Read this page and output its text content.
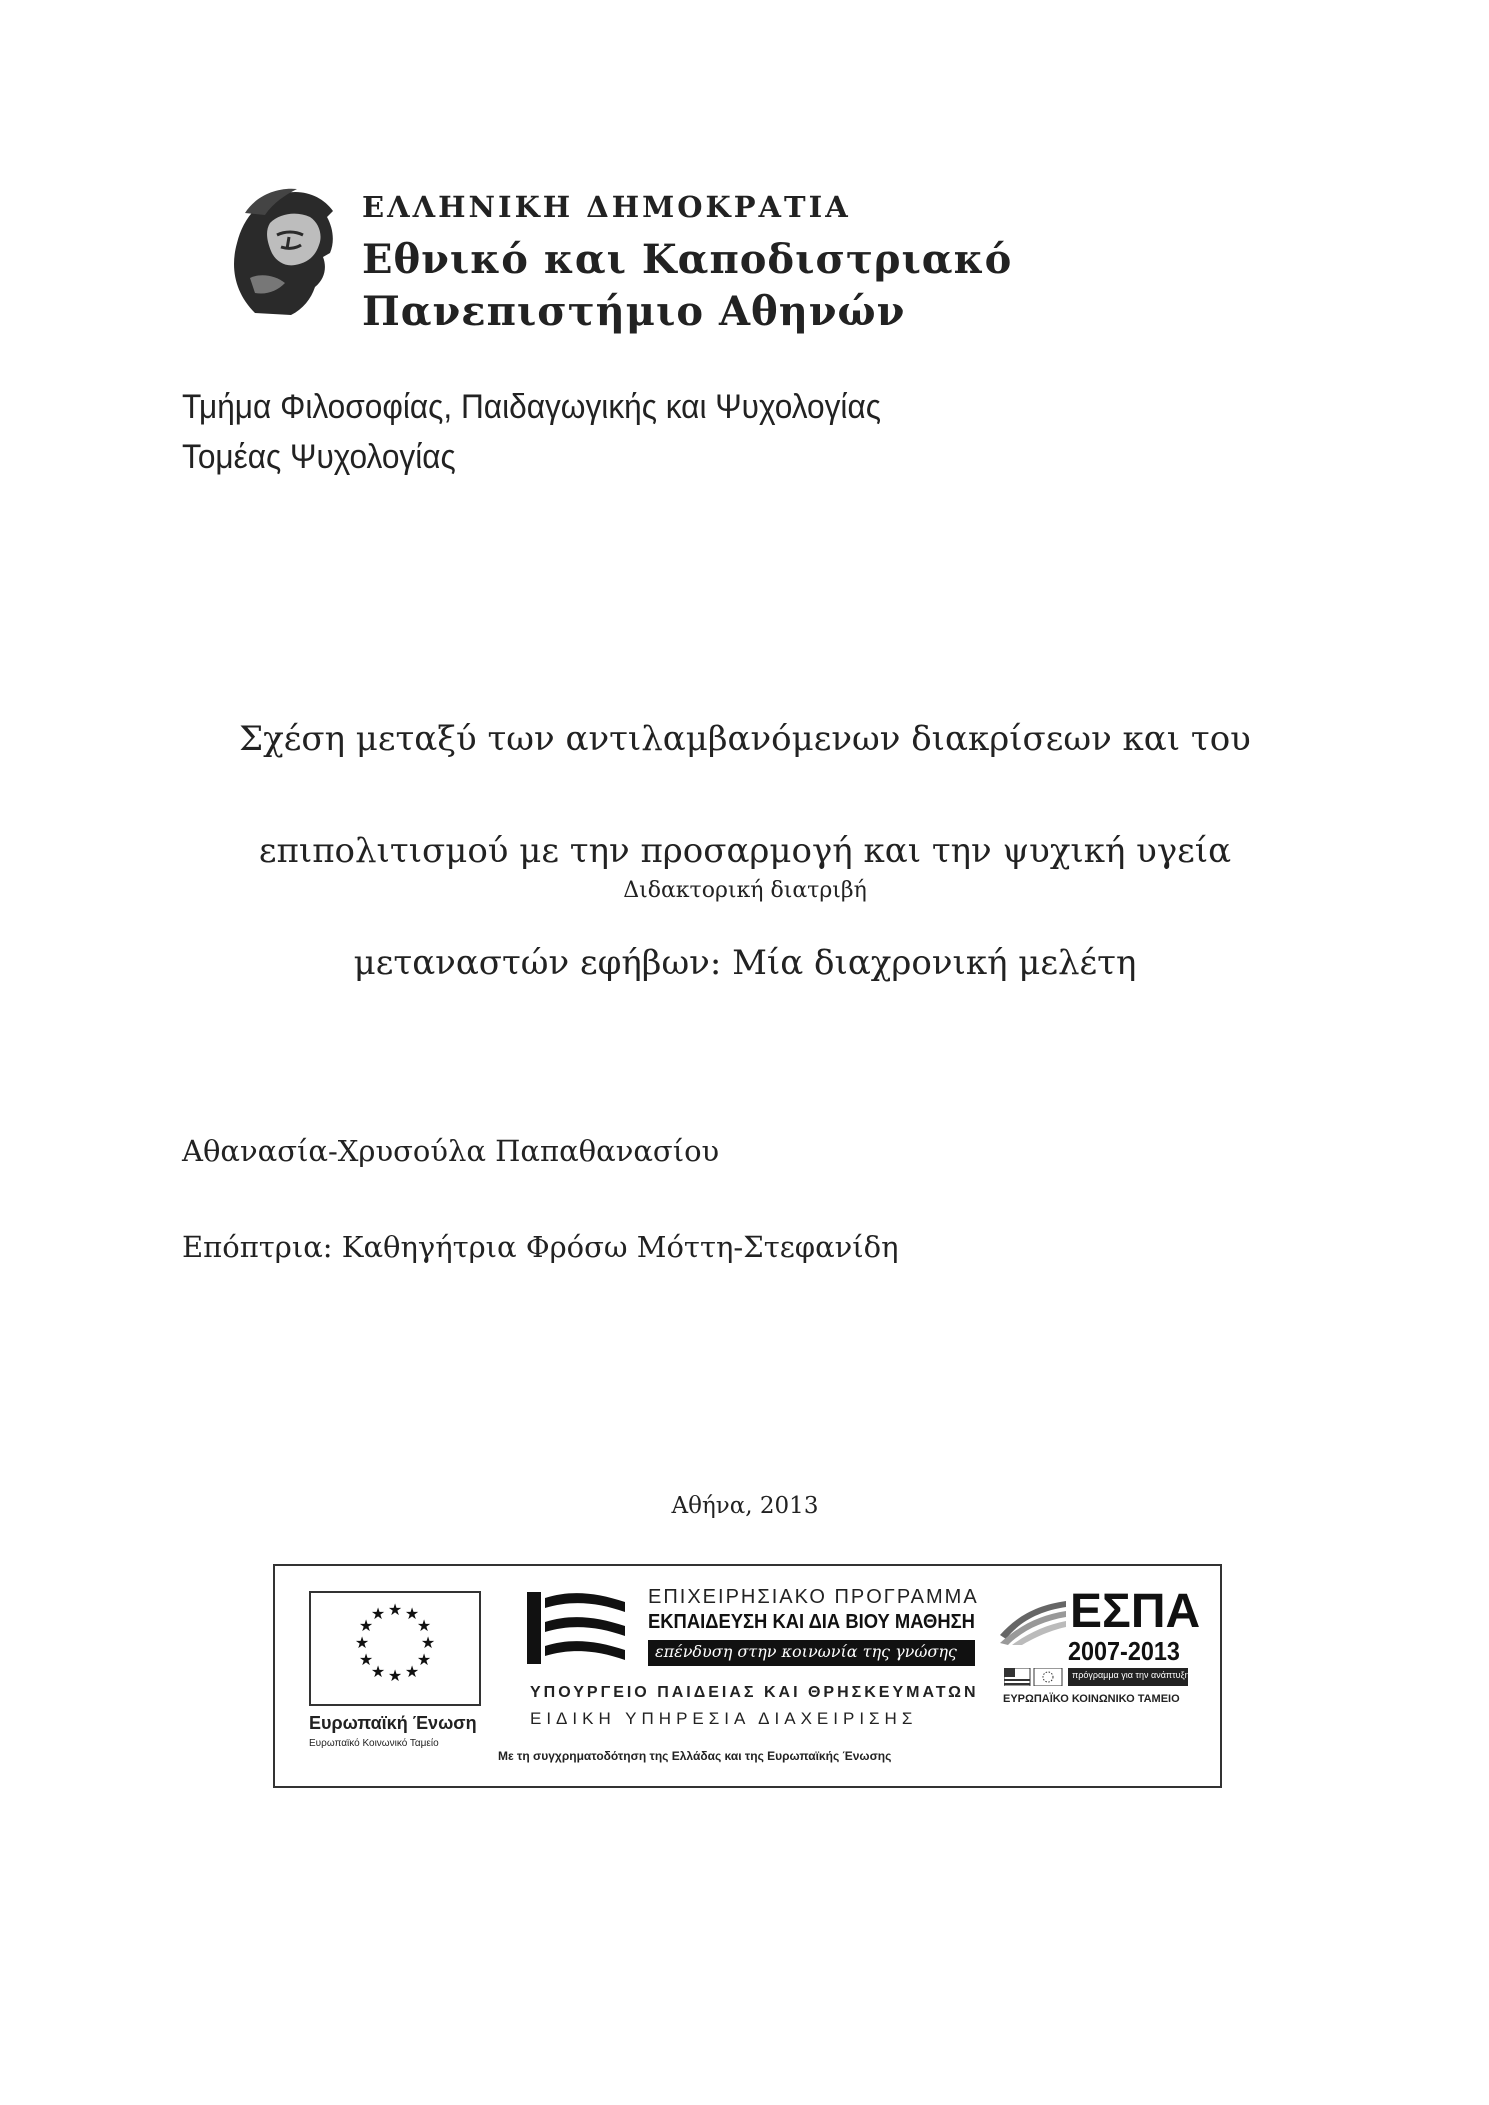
ΕΛΛΗΝΙΚΗ ΔΗΜΟΚΡΑΤΙΑ
Εθνικό και Καποδιστριακό
Πανεπιστήμιο Αθηνών
Τμήμα Φιλοσοφίας, Παιδαγωγικής και Ψυχολογίας
Τομέας Ψυχολογίας

Σχέση μεταξύ των αντιλαμβανόμενων διακρίσεων και του

επιπολιτισμού με την προσαρμογή και την ψυχική υγεία

μεταναστών εφήβων: Μία διαχρονική μελέτη

Διδακτορική διατριβή
Αθανασία-Χρυσούλα Παπαθανασίου
Επόπτρια: Καθηγήτρια Φρόσω Μόττη-Στεφανίδη
Αθήνα, 2013
★ ★
★
★
★
★
★
★
★
★
★
★
Ευρωπαϊκή Ένωση
Ευρωπαϊκό Κοινωνικό Ταμείο
ΕΠΙΧΕΙΡΗΣΙΑΚΟ ΠΡΟΓΡΑΜΜΑ
ΕΚΠΑΙΔΕΥΣΗ ΚΑΙ ΔΙΑ ΒΙΟΥ ΜΑΘΗΣΗ
επένδυση στην κοινωνία της γνώσης
ΥΠΟΥΡΓΕΙΟ ΠΑΙΔΕΙΑΣ ΚΑΙ ΘΡΗΣΚΕΥΜΑΤΩΝ
ΕΙΔΙΚΗ ΥΠΗΡΕΣΙΑ ΔΙΑΧΕΙΡΙΣΗΣ
Με τη συγχρηματοδότηση της Ελλάδας και της Ευρωπαϊκής Ένωσης
ΕΣΠΑ
2007-2013
πρόγραμμα για την ανάπτυξη
ΕΥΡΩΠΑΪΚΟ ΚΟΙΝΩΝΙΚΟ ΤΑΜΕΙΟ
